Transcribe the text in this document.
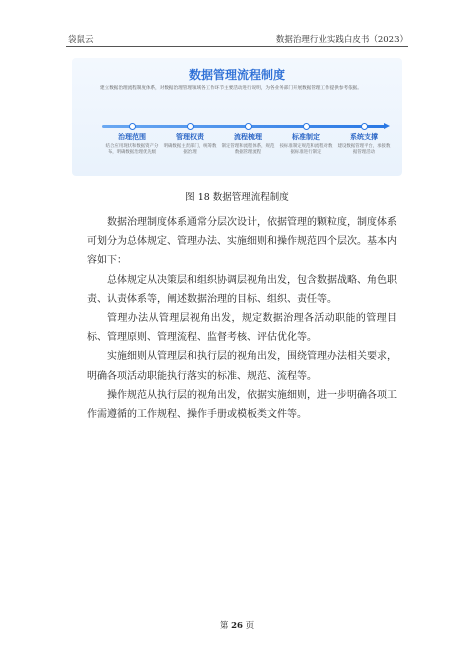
袋鼠云	数据治理行业实践白皮书（2023）
数据管理流程制度
建立数据治理流程制度体系，对数据治理管理领域各工作环节主要活动进行说明，为各业务部门开展数据管理工作提供参考依据。
治理范围
结合应用现状和数据资产分布，明确数据治理优先级
管理权责
明确数据主责部门，统筹数据治理
流程梳理
制定管理和流程体系，规范数据管理流程
标准制定
按标准制定规范和流程对数据标准进行制定
系统支撑
建设数据管理平台，承接数据管理活动
图 18 数据管理流程制度

数据治理制度体系通常分层次设计，依据管理的颗粒度，制度体系可划分为总体规定、管理办法、实施细则和操作规范四个层次。基本内容如下：

总体规定从决策层和组织协调层视角出发，包含数据战略、角色职责、认责体系等，阐述数据治理的目标、组织、责任等。

管理办法从管理层视角出发，规定数据治理各活动职能的管理目标、管理原则、管理流程、监督考核、评估优化等。

实施细则从管理层和执行层的视角出发，围绕管理办法相关要求，明确各项活动职能执行落实的标准、规范、流程等。

操作规范从执行层的视角出发，依据实施细则，进一步明确各项工作需遵循的工作规程、操作手册或模板类文件等。

第 26 页
